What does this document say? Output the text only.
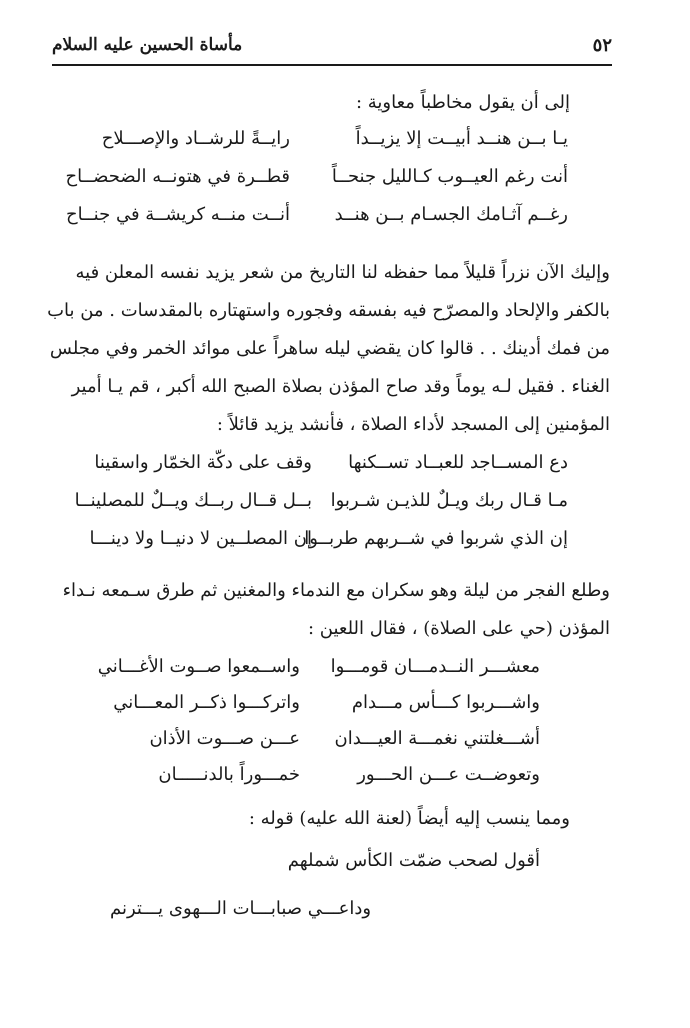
٥٢
مأساة الحسين عليه السلام
إلى أن يقول مخاطباً معاوية :
يـا بــن هنــد أبيــت إلا يزيــداً
رايــةً للرشــاد والإصـــلاح
أنت رغم العيــوب كـالليل جنحــاً
قطــرة في هتونــه الضحضــاح
رغــم آثـامك الجسـام بــن هنــد
أنــت منــه كريشــة في جنــاح
وإليك الآن نزراً قليلاً مما حفظه لنا التاريخ من شعر يزيد نفسه المعلن فيه
بالكفر والإلحاد والمصرّح فيه بفسقه وفجوره واستهتاره بالمقدسات . من باب
من فمك أدينك . . قالوا كان يقضي ليله ساهراً على موائد الخمر وفي مجلس
الغناء . فقيل لـه يوماً وقد صاح المؤذن بصلاة الصبح الله أكبر ، قم يـا أمير
المؤمنين إلى المسجد لأداء الصلاة ، فأنشد يزيد قائلاً :
دع المســاجد للعبــاد تســكنها
وقف على دكّة الخمّار واسقينا
مـا قـال ربك ويـلٌ للذيـن شـربوا
بــل قــال ربــك ويــلٌ للمصلينــا
إن الذي شربوا في شــربهم طربــوا
إن المصلــين لا دنيــا ولا دينـــا
وطلع الفجر من ليلة وهو سكران مع الندماء والمغنين ثم طرق سـمعه نـداء
المؤذن (حي على الصلاة) ، فقال اللعين :
معشـــر النــدمـــان قومـــوا
واســمعوا صــوت الأغـــاني
واشـــربوا كـــأس مـــدام
واتركـــوا ذكــر المعـــاني
أشـــغلتني نغمـــة العيـــدان
عـــن صـــوت الأذان
وتعوضــت عـــن الحـــور
خمـــوراً بالدنـــــان
ومما ينسب إليه أيضاً (لعنة الله عليه) قوله :
أقول لصحب ضمّت الكأس شملهم
وداعـــي صبابـــات الـــهوى يـــترنم
